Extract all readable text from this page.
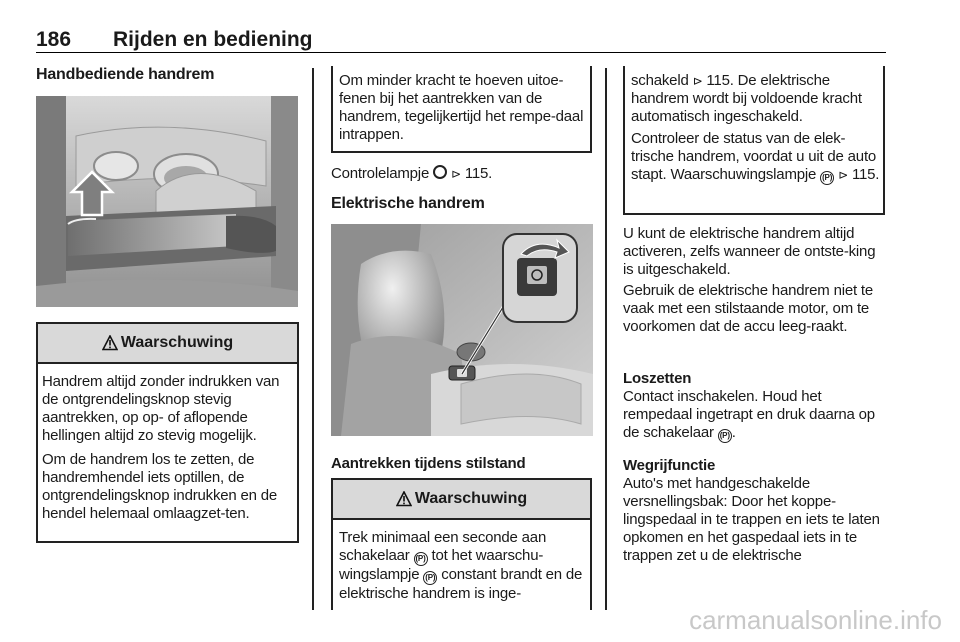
186 Rijden en bediening
Handbediende handrem
Waarschuwing

Handrem altijd zonder indrukken van de ontgrendelingsknop stevig aantrekken, op op- of aflopende hellingen altijd zo stevig mogelijk.

Om de handrem los te zetten, de handremhendel iets optillen, de ontgrendelingsknop indrukken en de hendel helemaal omlaagzet-ten.

Om minder kracht te hoeven uitoe-fenen bij het aantrekken van de handrem, tegelijkertijd het rempe-daal intrappen.
Controlelampje ⊳ 115.
Elektrische handrem
Aantrekken tijdens stilstand
Waarschuwing
Trek minimaal een seconde aan schakelaar (P) tot het waarschu-wingslampje (P) constant brandt en de elektrische handrem is inge-
schakeld ⊳ 115. De elektrische handrem wordt bij voldoende kracht automatisch ingeschakeld.
Controleer de status van de elek-trische handrem, voordat u uit de auto stapt. Waarschuwingslampje (P) ⊳ 115.
U kunt de elektrische handrem altijd activeren, zelfs wanneer de ontste-king is uitgeschakeld.
Gebruik de elektrische handrem niet te vaak met een stilstaande motor, om te voorkomen dat de accu leeg-raakt.
Loszetten
Contact inschakelen. Houd het rempedaal ingetrapt en druk daarna op de schakelaar (P) .
Wegrijfunctie
Auto's met handgeschakelde versnellingsbak: Door het koppe-lingspedaal in te trappen en iets te laten opkomen en het gaspedaal iets in te trappen zet u de elektrische
carmanualsonline.info
